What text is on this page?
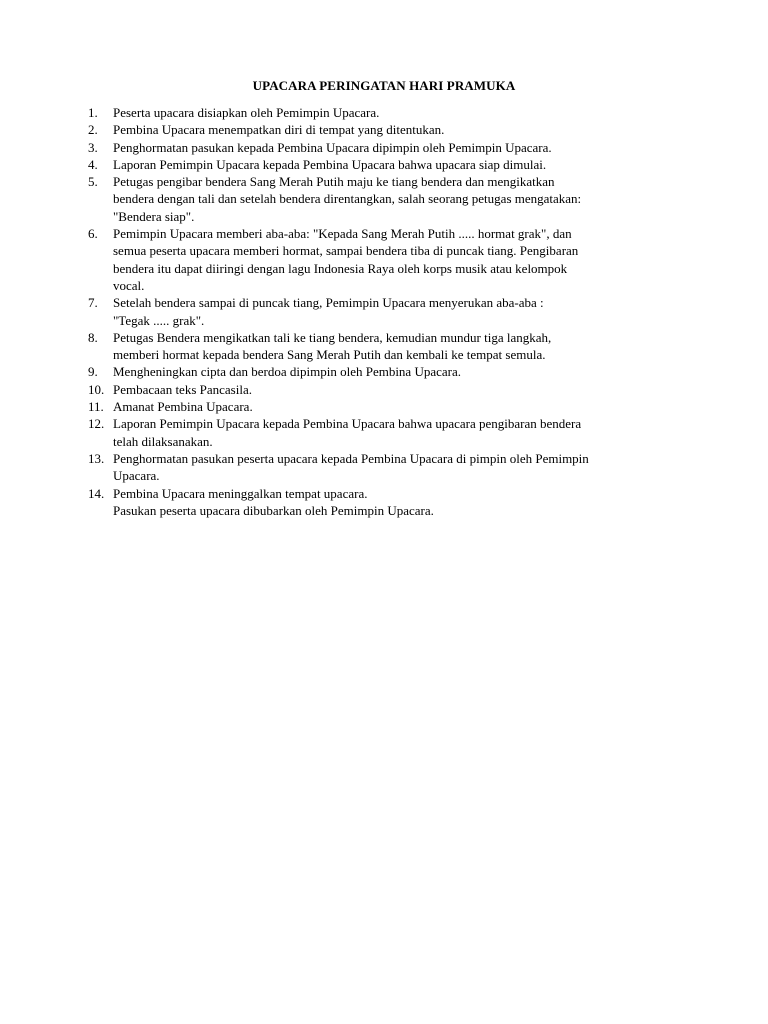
UPACARA PERINGATAN HARI PRAMUKA
1.	Peserta upacara disiapkan oleh Pemimpin Upacara.
2.	Pembina Upacara menempatkan diri di tempat yang ditentukan.
3.	Penghormatan pasukan kepada Pembina Upacara dipimpin oleh Pemimpin Upacara.
4.	Laporan Pemimpin Upacara kepada Pembina Upacara bahwa upacara siap dimulai.
5.	Petugas pengibar bendera Sang Merah Putih maju ke tiang bendera dan mengikatkan
bendera dengan tali dan setelah bendera direntangkan, salah seorang petugas mengatakan:
"Bendera siap".
6.	Pemimpin Upacara memberi aba-aba: "Kepada Sang Merah Putih ..... hormat grak", dan
semua peserta upacara memberi hormat, sampai bendera tiba di puncak tiang. Pengibaran
bendera itu dapat diiringi dengan lagu Indonesia Raya oleh korps musik atau kelompok
vocal.
7.	Setelah bendera sampai di puncak tiang, Pemimpin Upacara menyerukan aba-aba :
"Tegak ..... grak".
8.	Petugas Bendera mengikatkan tali ke tiang bendera, kemudian mundur tiga langkah,
memberi hormat kepada bendera Sang Merah Putih dan kembali ke tempat semula.
9.	Mengheningkan cipta dan berdoa dipimpin oleh Pembina Upacara.
10. Pembacaan teks Pancasila.
11. Amanat Pembina Upacara.
12. Laporan Pemimpin Upacara kepada Pembina Upacara bahwa upacara pengibaran bendera
telah dilaksanakan.
13. Penghormatan pasukan peserta upacara kepada Pembina Upacara di pimpin oleh Pemimpin
Upacara.
14. Pembina Upacara meninggalkan tempat upacara.
Pasukan peserta upacara dibubarkan oleh Pemimpin Upacara.
